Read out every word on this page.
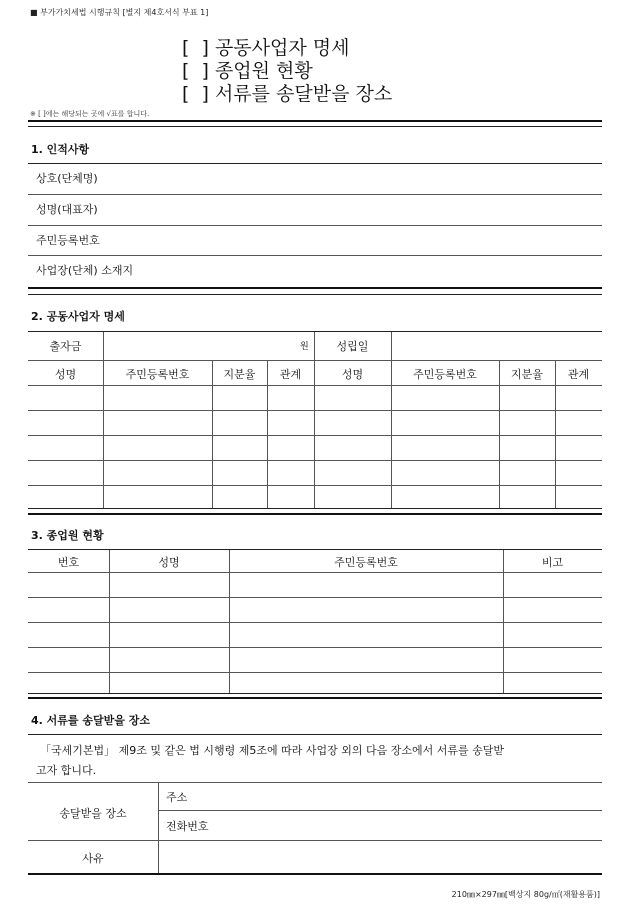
■ 부가가치세법 시행규칙 [별지 제4호서식 부표 1]
[  ] 공동사업자 명세
[  ] 종업원 현황
[  ] 서류를 송달받을 장소
※ [ ]에는 해당되는 곳에 √표를 합니다.
1. 인적사항
상호(단체명)
성명(대표자)
주민등록번호
사업장(단체) 소재지
2. 공동사업자 명세
출자금	원	성립일
성명	주민등록번호	지분율	관계	성명	주민등록번호	지분율	관계
3. 종업원 현황
번호	성명	주민등록번호	비고
4. 서류를 송달받을 장소
「국세기본법」 제9조 및 같은 법 시행령 제5조에 따라 사업장 외의 다음 장소에서 서류를 송달받
고자 합니다.
송달받을 장소
주소
전화번호
사유
210㎜×297㎜[백상지 80g/㎡(재활용품)]
